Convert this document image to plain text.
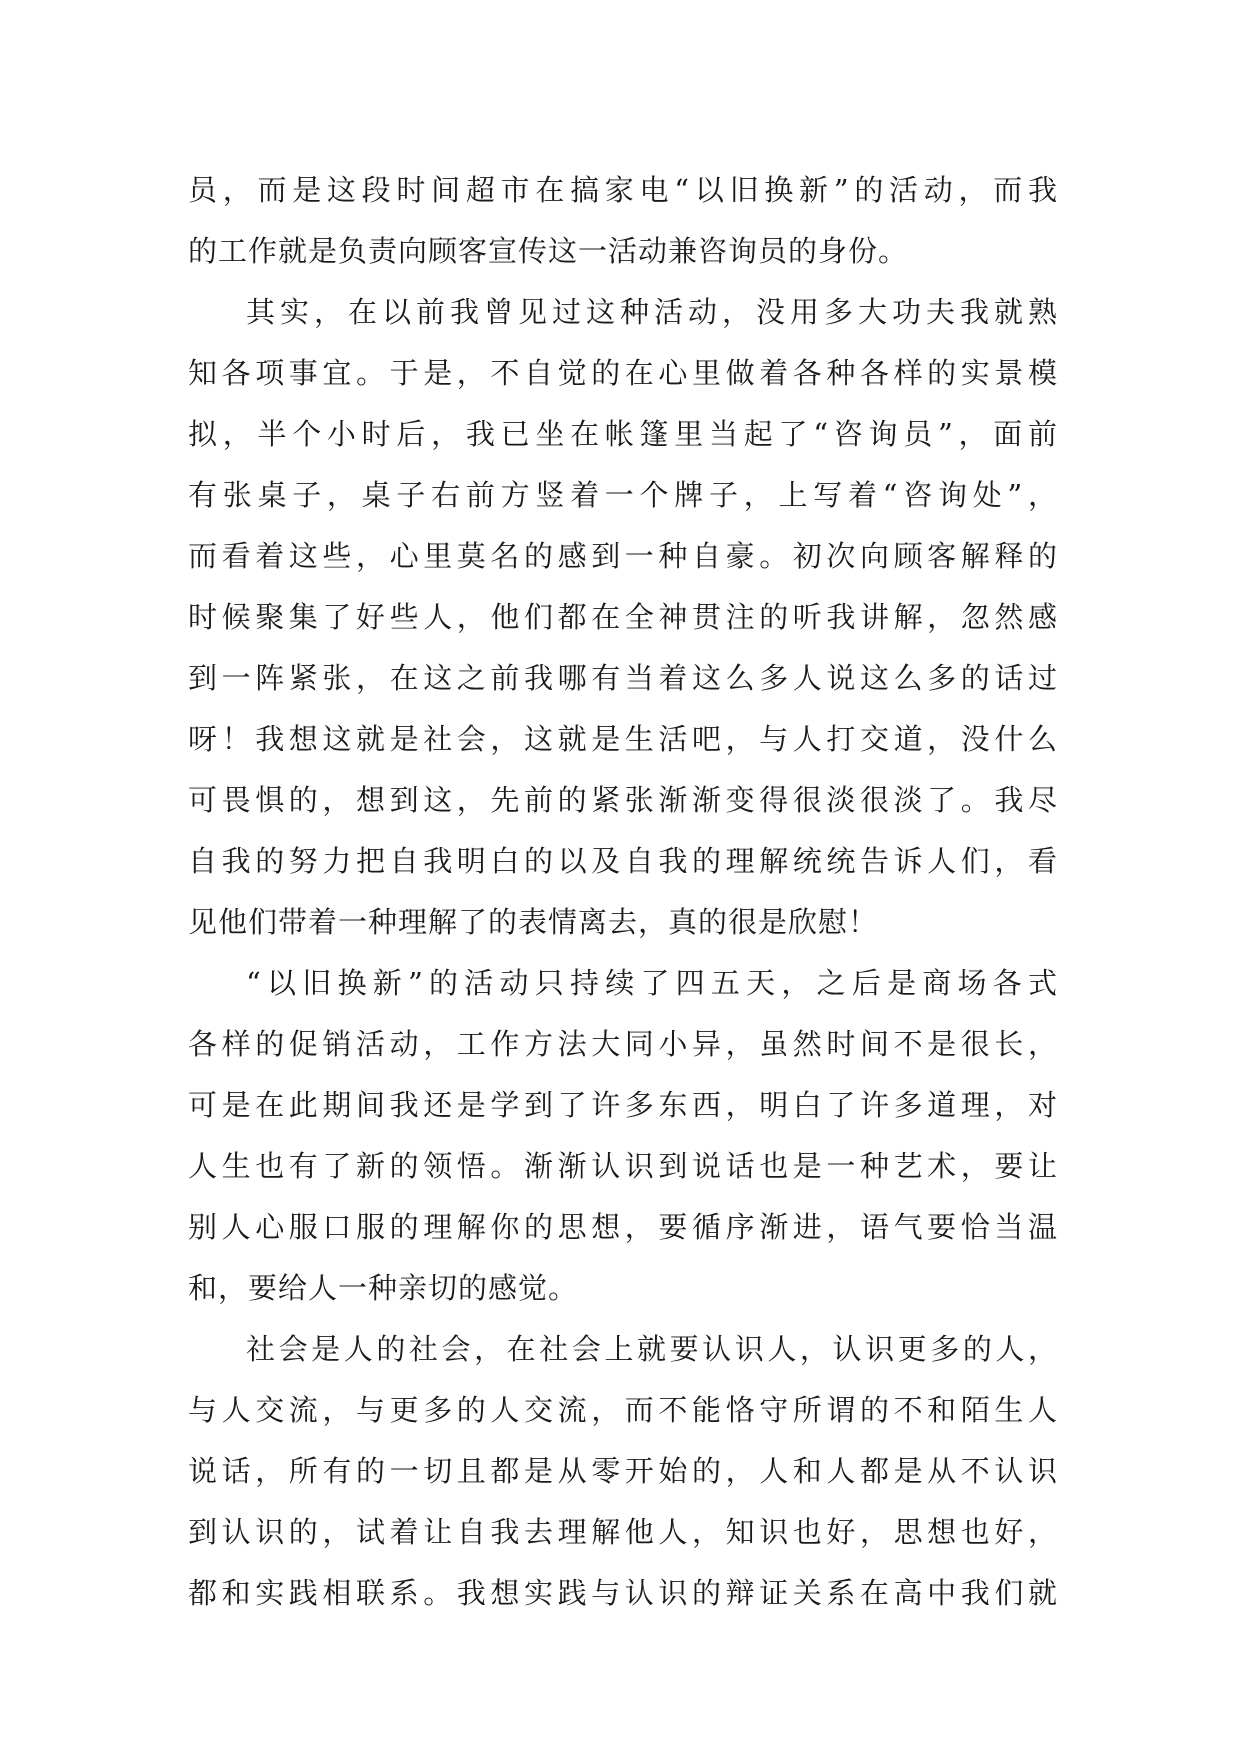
员，而是这段时间超市在搞家电“以旧换新”的活动，而我
的工作就是负责向顾客宣传这一活动兼咨询员的身份。
其实，在以前我曾见过这种活动，没用多大功夫我就熟
知各项事宜。于是，不自觉的在心里做着各种各样的实景模
拟，半个小时后，我已坐在帐篷里当起了“咨询员”，面前
有张桌子，桌子右前方竖着一个牌子，上写着“咨询处”，
而看着这些，心里莫名的感到一种自豪。初次向顾客解释的
时候聚集了好些人，他们都在全神贯注的听我讲解，忽然感
到一阵紧张，在这之前我哪有当着这么多人说这么多的话过
呀！我想这就是社会，这就是生活吧，与人打交道，没什么
可畏惧的，想到这，先前的紧张渐渐变得很淡很淡了。我尽
自我的努力把自我明白的以及自我的理解统统告诉人们，看
见他们带着一种理解了的表情离去，真的很是欣慰！
“以旧换新”的活动只持续了四五天，之后是商场各式
各样的促销活动，工作方法大同小异，虽然时间不是很长，
可是在此期间我还是学到了许多东西，明白了许多道理，对
人生也有了新的领悟。渐渐认识到说话也是一种艺术，要让
别人心服口服的理解你的思想，要循序渐进，语气要恰当温
和，要给人一种亲切的感觉。
社会是人的社会，在社会上就要认识人，认识更多的人，
与人交流，与更多的人交流，而不能恪守所谓的不和陌生人
说话，所有的一切且都是从零开始的，人和人都是从不认识
到认识的，试着让自我去理解他人，知识也好，思想也好，
都和实践相联系。我想实践与认识的辩证关系在高中我们就
